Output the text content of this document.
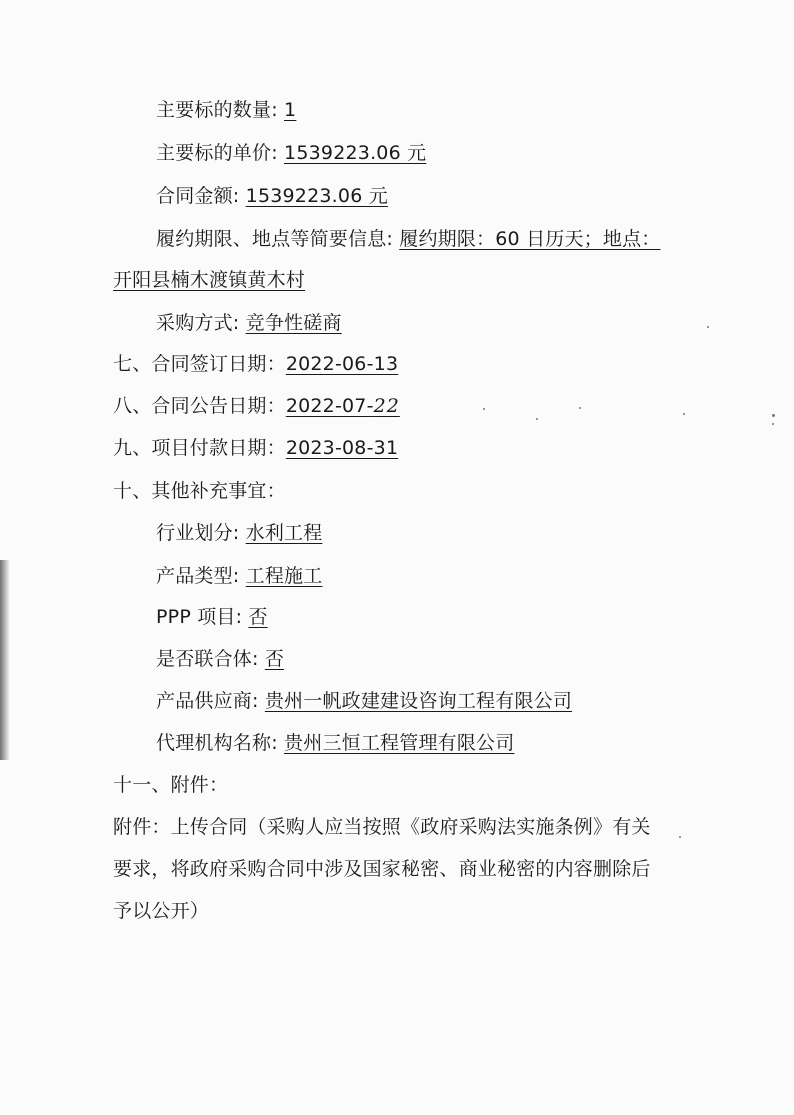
主要标的数量: 1
主要标的单价: 1539223.06 元
合同金额: 1539223.06 元
履约期限、地点等简要信息: 履约期限：60 日历天；地点：
开阳县楠木渡镇黄木村
采购方式: 竞争性磋商
七、合同签订日期：2022-06-13
八、合同公告日期：2022-07-22
九、项目付款日期：2023-08-31
十、其他补充事宜：
行业划分: 水利工程
产品类型: 工程施工
PPP 项目: 否
是否联合体: 否
产品供应商: 贵州一帆政建建设咨询工程有限公司
代理机构名称: 贵州三恒工程管理有限公司
十一、附件：
附件：上传合同（采购人应当按照《政府采购法实施条例》有关
要求，将政府采购合同中涉及国家秘密、商业秘密的内容删除后
予以公开）
